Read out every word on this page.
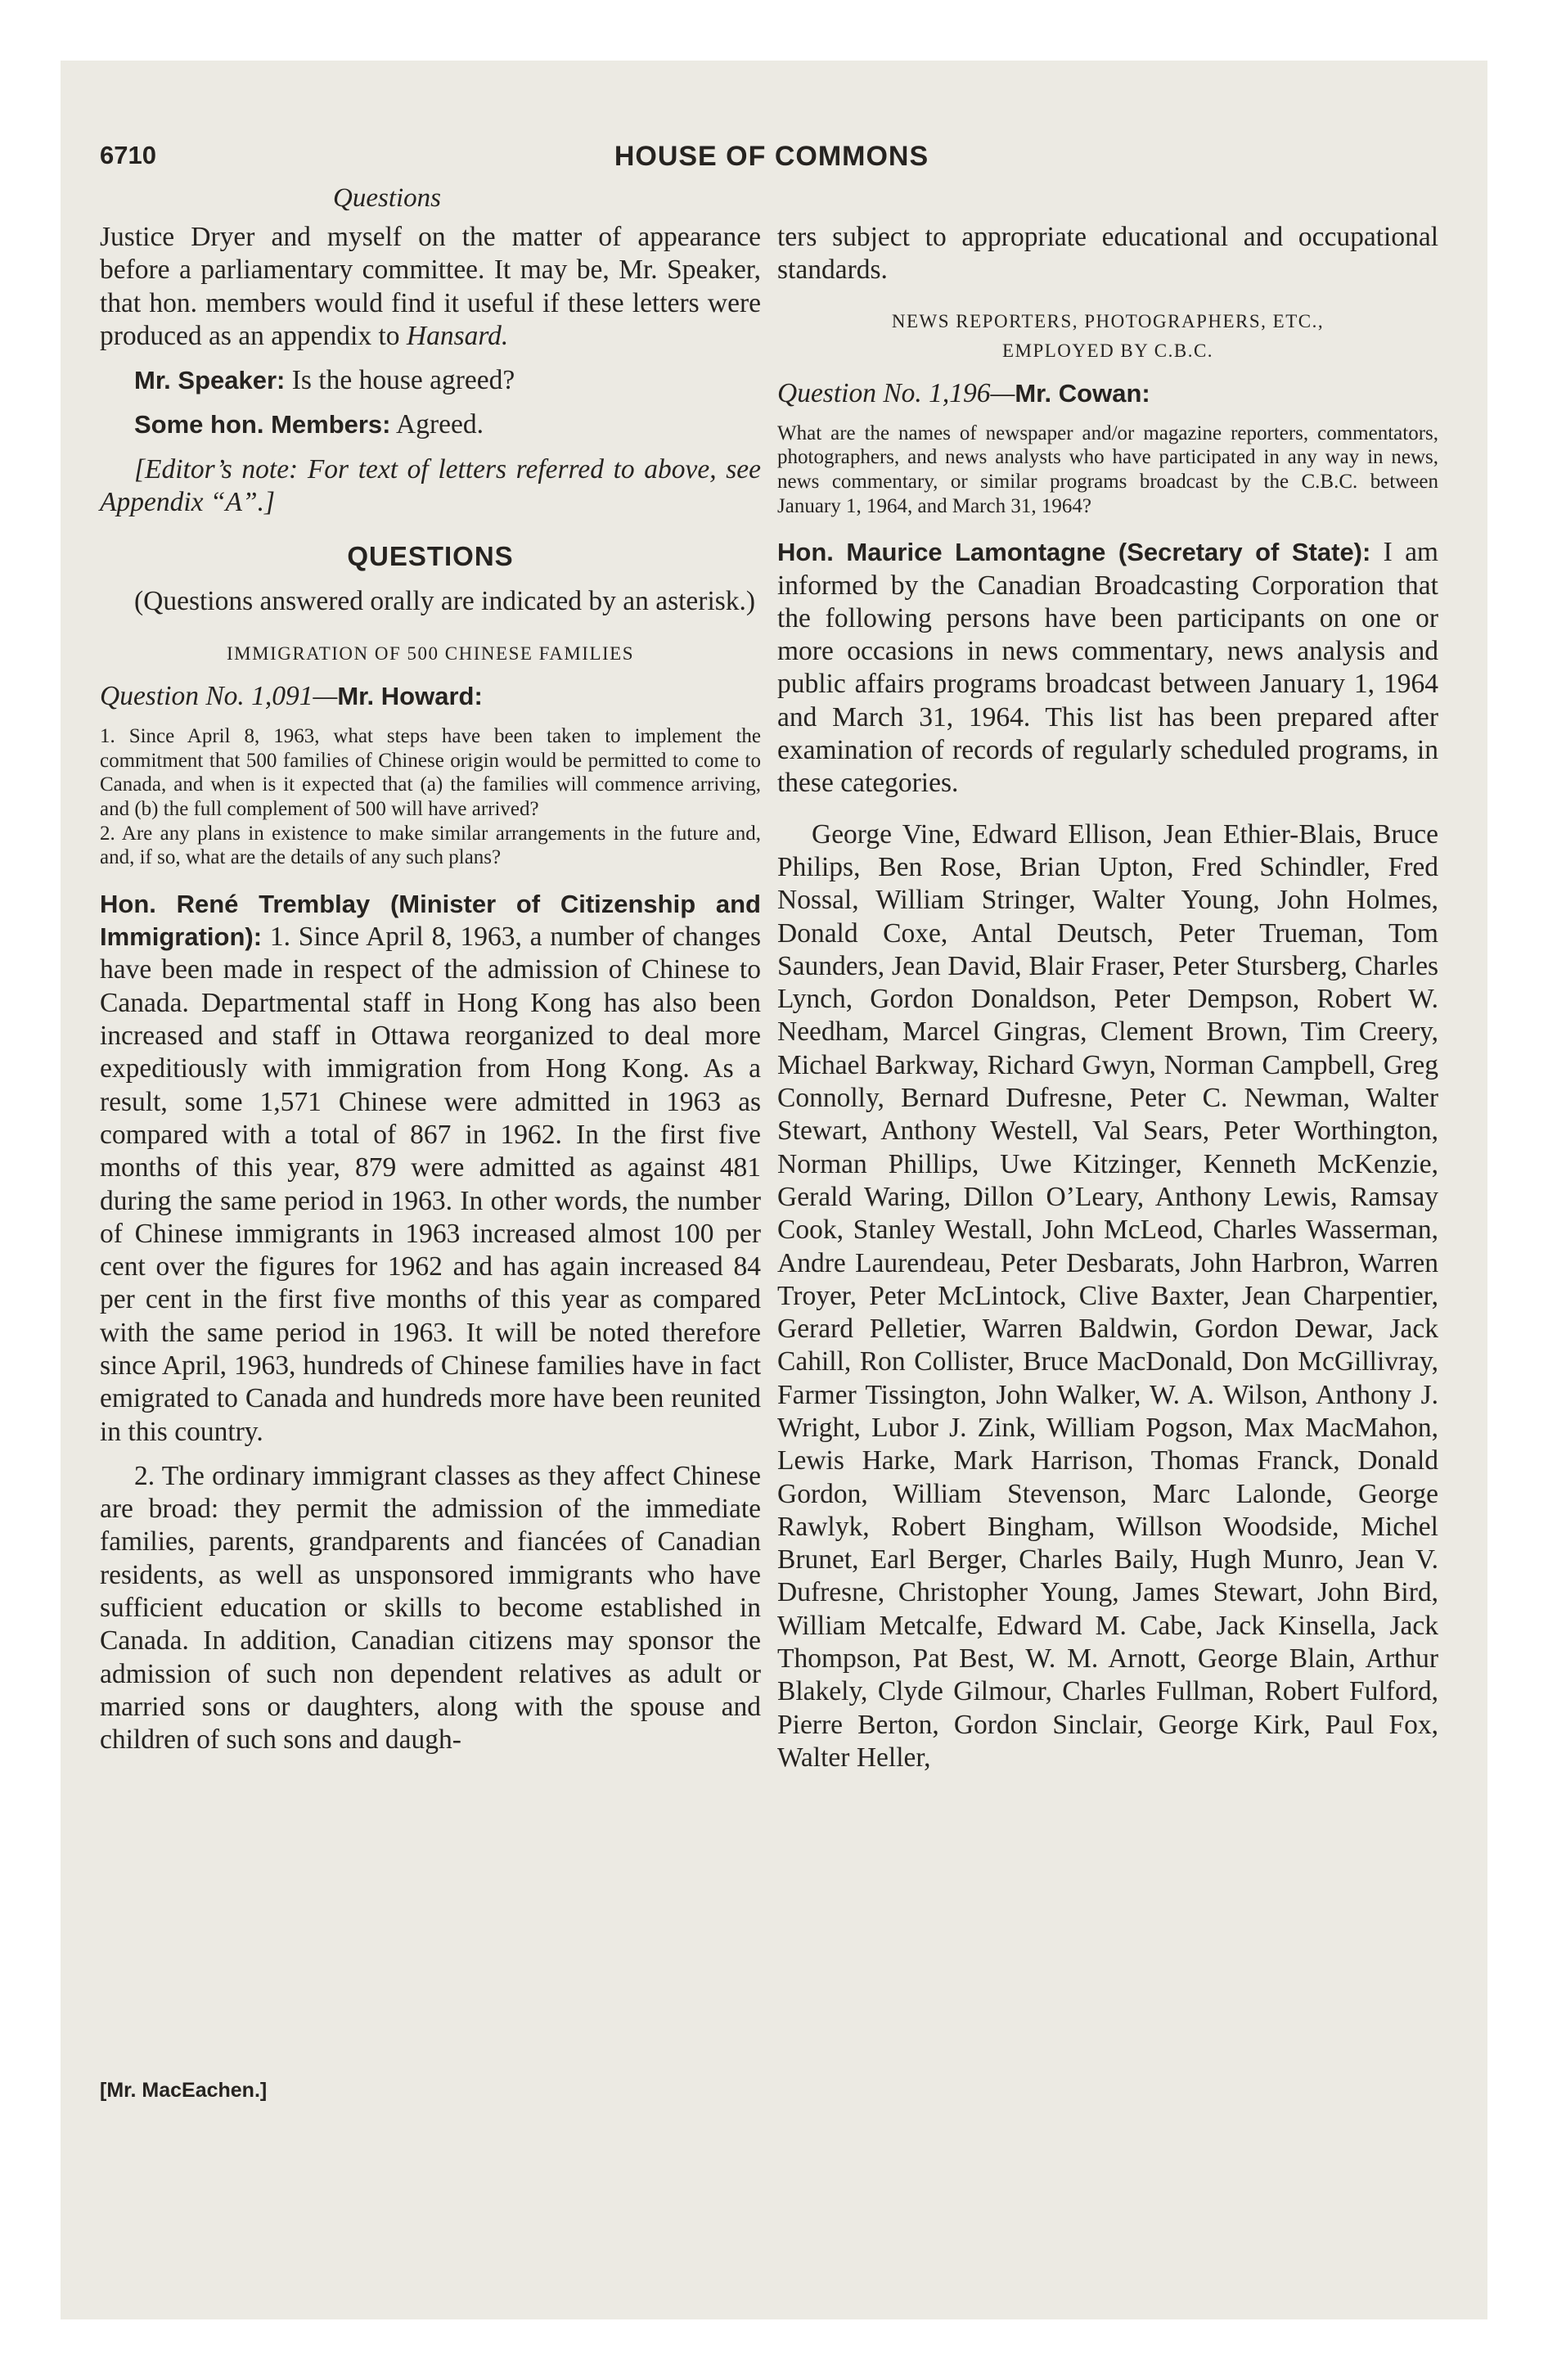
6710	HOUSE OF COMMONS
Questions

Justice Dryer and myself on the matter of appearance before a parliamentary committee. It may be, Mr. Speaker, that hon. members would find it useful if these letters were produced as an appendix to Hansard.

Mr. Speaker: Is the house agreed?

Some hon. Members: Agreed.

[Editor’s note: For text of letters referred to above, see Appendix “A”.]

QUESTIONS

(Questions answered orally are indicated by an asterisk.)

IMMIGRATION OF 500 CHINESE FAMILIES

Question No. 1,091—Mr. Howard:

1. Since April 8, 1963, what steps have been taken to implement the commitment that 500 families of Chinese origin would be permitted to come to Canada, and when is it expected that (a) the families will commence arriving, and (b) the full complement of 500 will have arrived?

2. Are any plans in existence to make similar arrangements in the future and, and, if so, what are the details of any such plans?

Hon. René Tremblay (Minister of Citizenship and Immigration): 1. Since April 8, 1963, a number of changes have been made in respect of the admission of Chinese to Canada. Departmental staff in Hong Kong has also been increased and staff in Ottawa reorganized to deal more expeditiously with immigration from Hong Kong. As a result, some 1,571 Chinese were admitted in 1963 as compared with a total of 867 in 1962. In the first five months of this year, 879 were admitted as against 481 during the same period in 1963. In other words, the number of Chinese immigrants in 1963 increased almost 100 per cent over the figures for 1962 and has again increased 84 per cent in the first five months of this year as compared with the same period in 1963. It will be noted therefore since April, 1963, hundreds of Chinese families have in fact emigrated to Canada and hundreds more have been reunited in this country.

2. The ordinary immigrant classes as they affect Chinese are broad: they permit the admission of the immediate families, parents, grandparents and fiancées of Canadian residents, as well as unsponsored immigrants who have sufficient education or skills to become established in Canada. In addition, Canadian citizens may sponsor the admission of such non dependent relatives as adult or married sons or daughters, along with the spouse and children of such sons and daugh-

ters subject to appropriate educational and occupational standards.

NEWS REPORTERS, PHOTOGRAPHERS, ETC.,
EMPLOYED BY C.B.C.

Question No. 1,196—Mr. Cowan:

What are the names of newspaper and/or magazine reporters, commentators, photographers, and news analysts who have participated in any way in news, news commentary, or similar programs broadcast by the C.B.C. between January 1, 1964, and March 31, 1964?

Hon. Maurice Lamontagne (Secretary of State): I am informed by the Canadian Broadcasting Corporation that the following persons have been participants on one or more occasions in news commentary, news analysis and public affairs programs broadcast between January 1, 1964 and March 31, 1964. This list has been prepared after examination of records of regularly scheduled programs, in these categories.

George Vine, Edward Ellison, Jean Ethier-Blais, Bruce Philips, Ben Rose, Brian Upton, Fred Schindler, Fred Nossal, William Stringer, Walter Young, John Holmes, Donald Coxe, Antal Deutsch, Peter Trueman, Tom Saunders, Jean David, Blair Fraser, Peter Stursberg, Charles Lynch, Gordon Donaldson, Peter Dempson, Robert W. Needham, Marcel Gingras, Clement Brown, Tim Creery, Michael Barkway, Richard Gwyn, Norman Campbell, Greg Connolly, Bernard Dufresne, Peter C. Newman, Walter Stewart, Anthony Westell, Val Sears, Peter Worthington, Norman Phillips, Uwe Kitzinger, Kenneth McKenzie, Gerald Waring, Dillon O’Leary, Anthony Lewis, Ramsay Cook, Stanley Westall, John McLeod, Charles Wasserman, Andre Laurendeau, Peter Desbarats, John Harbron, Warren Troyer, Peter McLintock, Clive Baxter, Jean Charpentier, Gerard Pelletier, Warren Baldwin, Gordon Dewar, Jack Cahill, Ron Collister, Bruce MacDonald, Don McGillivray, Farmer Tissington, John Walker, W. A. Wilson, Anthony J. Wright, Lubor J. Zink, William Pogson, Max MacMahon, Lewis Harke, Mark Harrison, Thomas Franck, Donald Gordon, William Stevenson, Marc Lalonde, George Rawlyk, Robert Bingham, Willson Woodside, Michel Brunet, Earl Berger, Charles Baily, Hugh Munro, Jean V. Dufresne, Christopher Young, James Stewart, John Bird, William Metcalfe, Edward M. Cabe, Jack Kinsella, Jack Thompson, Pat Best, W. M. Arnott, George Blain, Arthur Blakely, Clyde Gilmour, Charles Fullman, Robert Fulford, Pierre Berton, Gordon Sinclair, George Kirk, Paul Fox, Walter Heller,

[Mr. MacEachen.]
